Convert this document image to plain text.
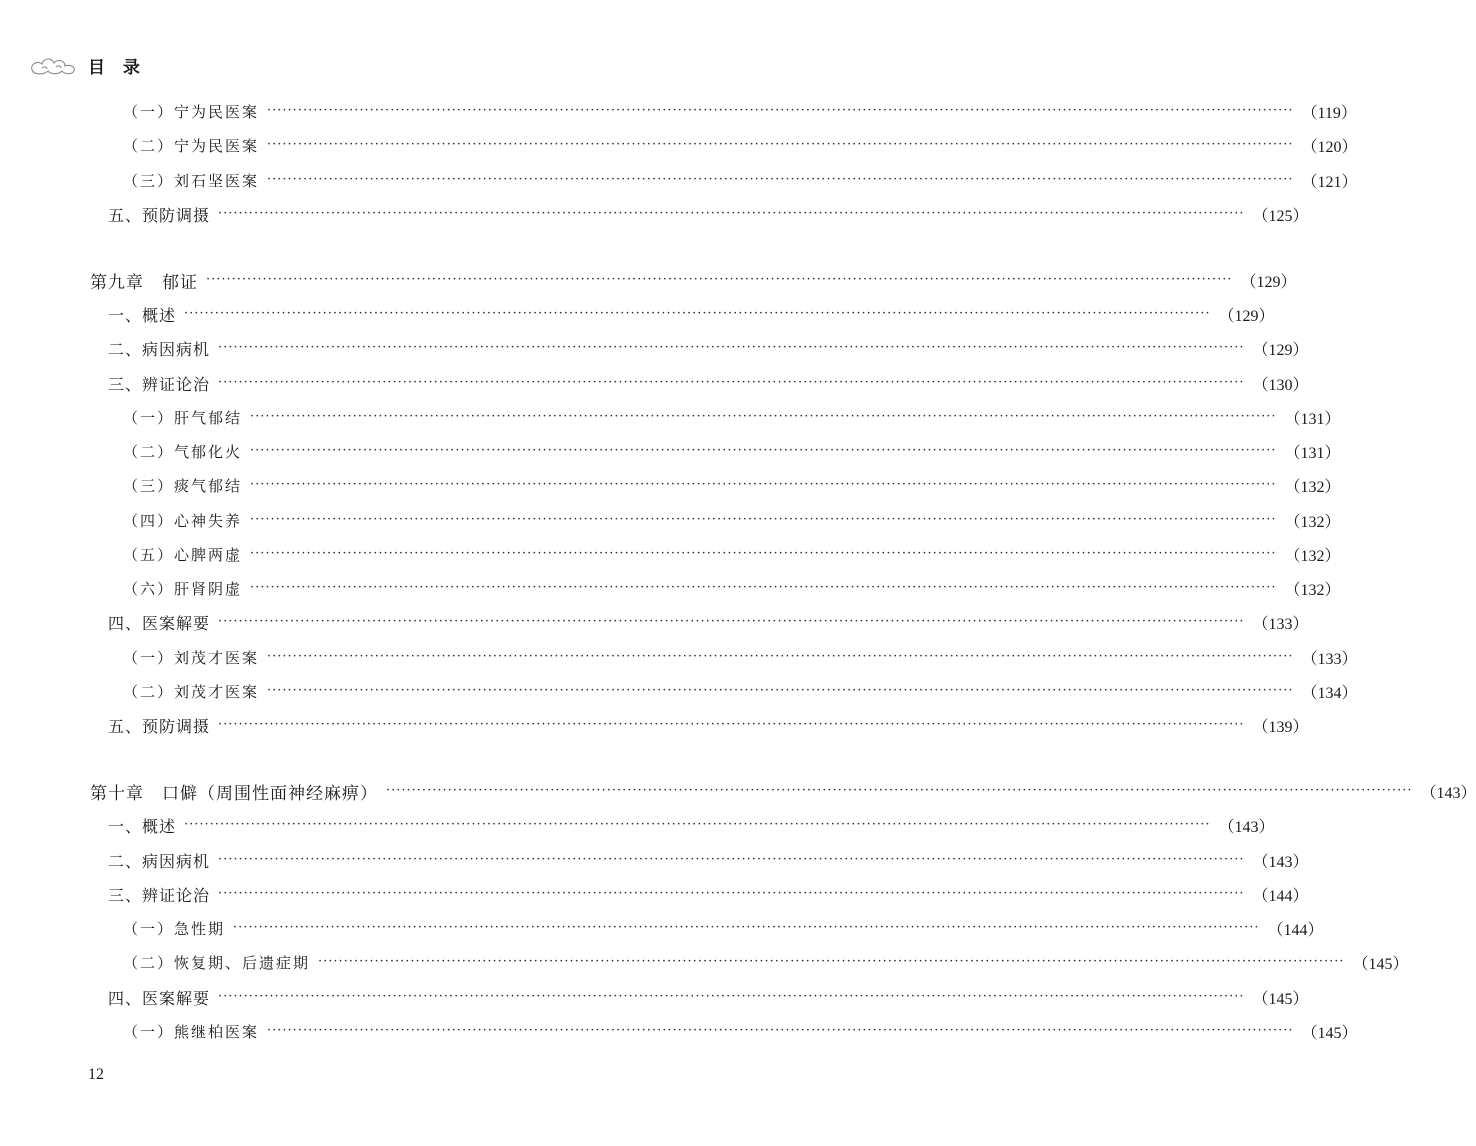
目 录
（一）宁为民医案 ········································································································································································································ （119）
（二）宁为民医案 ········································································································································································································ （120）
（三）刘石坚医案 ········································································································································································································ （121）
五、预防调摄 ········································································································································································································ （125）
第九章　郁证 ········································································································································································································ （129）
一、概述 ········································································································································································································ （129）
二、病因病机 ········································································································································································································ （129）
三、辨证论治 ········································································································································································································ （130）
（一）肝气郁结 ········································································································································································································ （131）
（二）气郁化火 ········································································································································································································ （131）
（三）痰气郁结 ········································································································································································································ （132）
（四）心神失养 ········································································································································································································ （132）
（五）心脾两虚 ········································································································································································································ （132）
（六）肝肾阴虚 ········································································································································································································ （132）
四、医案解要 ········································································································································································································ （133）
（一）刘茂才医案 ········································································································································································································ （133）
（二）刘茂才医案 ········································································································································································································ （134）
五、预防调摄 ········································································································································································································ （139）
第十章　口僻（周围性面神经麻痹） ········································································································································································································ （143）
一、概述 ········································································································································································································ （143）
二、病因病机 ········································································································································································································ （143）
三、辨证论治 ········································································································································································································ （144）
（一）急性期 ········································································································································································································ （144）
（二）恢复期、后遗症期 ········································································································································································································ （145）
四、医案解要 ········································································································································································································ （145）
（一）熊继柏医案 ········································································································································································································ （145）
12
